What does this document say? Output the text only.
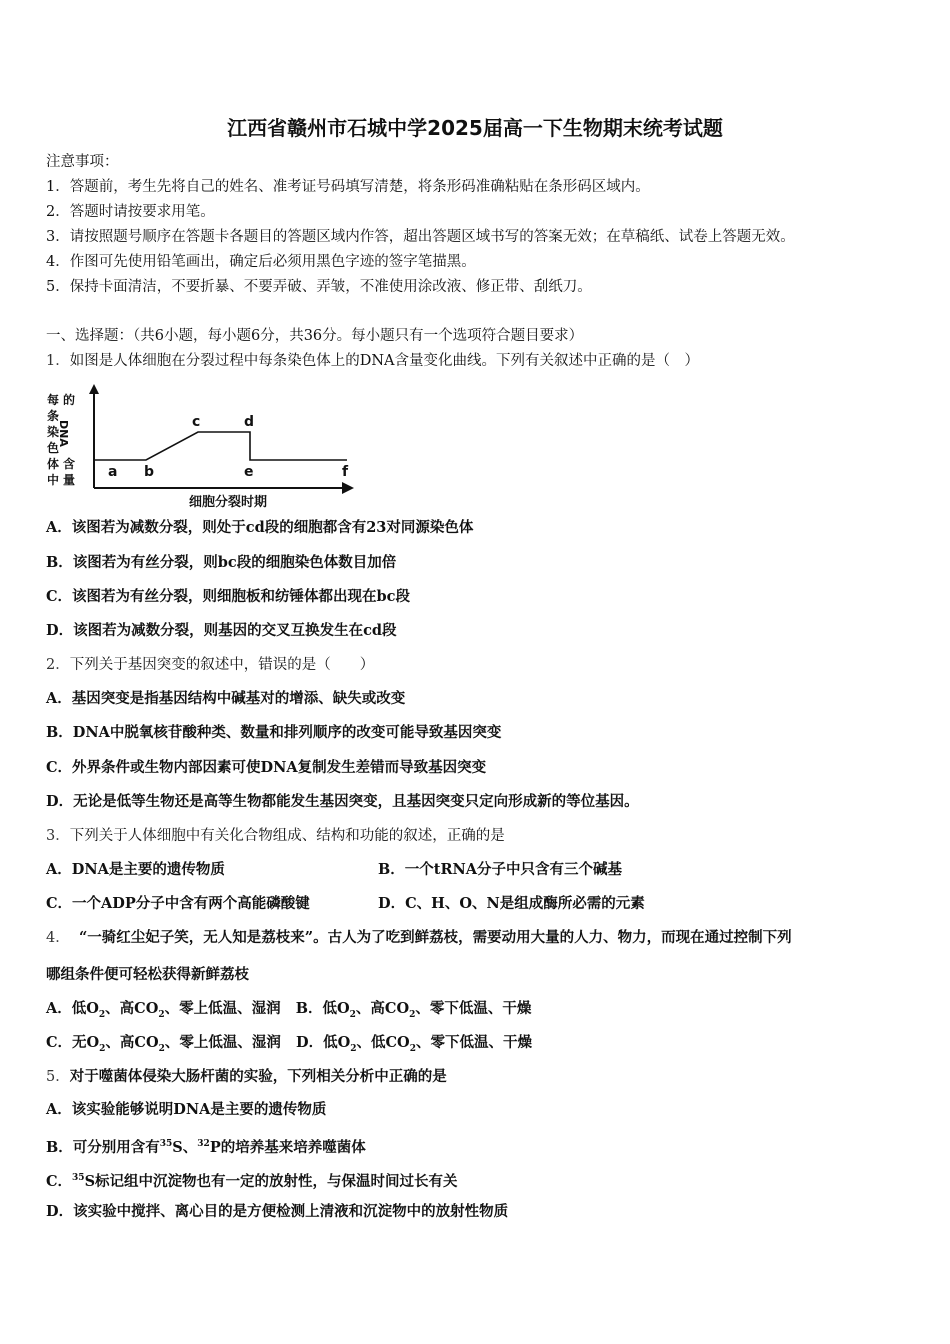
江西省赣州市石城中学2025届高一下生物期末统考试题
注意事项：
1．答题前，考生先将自己的姓名、准考证号码填写清楚，将条形码准确粘贴在条形码区域内。
2．答题时请按要求用笔。
3．请按照题号顺序在答题卡各题目的答题区域内作答，超出答题区域书写的答案无效；在草稿纸、试卷上答题无效。
4．作图可先使用铅笔画出，确定后必须用黑色字迹的签字笔描黑。
5．保持卡面清洁，不要折暴、不要弄破、弄皱，不准使用涂改液、修正带、刮纸刀。
一、选择题：（共6小题，每小题6分，共36分。每小题只有一个选项符合题目要求）
1．如图是人体细胞在分裂过程中每条染色体上的DNA含量变化曲线。下列有关叙述中正确的是（　）
每
条
染
色
体
中
的
DNA
含
量 a b
c	d
e	f
细胞分裂时期
A．该图若为减数分裂，则处于cd段的细胞都含有23对同源染色体
B．该图若为有丝分裂，则bc段的细胞染色体数目加倍
C．该图若为有丝分裂，则细胞板和纺锤体都出现在bc段
D．该图若为减数分裂，则基因的交叉互换发生在cd段
2．下列关于基因突变的叙述中，错误的是（　　）
A．基因突变是指基因结构中碱基对的增添、缺失或改变
B．DNA中脱氧核苷酸种类、数量和排列顺序的改变可能导致基因突变
C．外界条件或生物内部因素可使DNA复制发生差错而导致基因突变
D．无论是低等生物还是高等生物都能发生基因突变，且基因突变只定向形成新的等位基因。
3．下列关于人体细胞中有关化合物组成、结构和功能的叙述，正确的是
A．DNA是主要的遗传物质	B．一个tRNA分子中只含有三个碱基
C．一个ADP分子中含有两个高能磷酸键	D．C、H、O、N是组成酶所必需的元素
4． “一骑红尘妃子笑，无人知是荔枝来”。古人为了吃到鲜荔枝，需要动用大量的人力、物力，而现在通过控制下列
哪组条件便可轻松获得新鲜荔枝
A．低$O_2$、高$CO_2$、零上低温、湿润 B．低$O_2$、高$CO_2$、零下低温、干燥
C．无$O_2$、高$CO_2$、零上低温、湿润 D．低$O_2$、低$CO_2$、零下低温、干燥
5．对于噬菌体侵染大肠杆菌的实验，下列相关分析中正确的是
A．该实验能够说明DNA是主要的遗传物质
B．可分别用含有$^{35}$S、$^{32}$P的培养基来培养噬菌体
C．$^{35}$S标记组中沉淀物也有一定的放射性，与保温时间过长有关
D．该实验中搅拌、离心目的是方便检测上清液和沉淀物中的放射性物质
